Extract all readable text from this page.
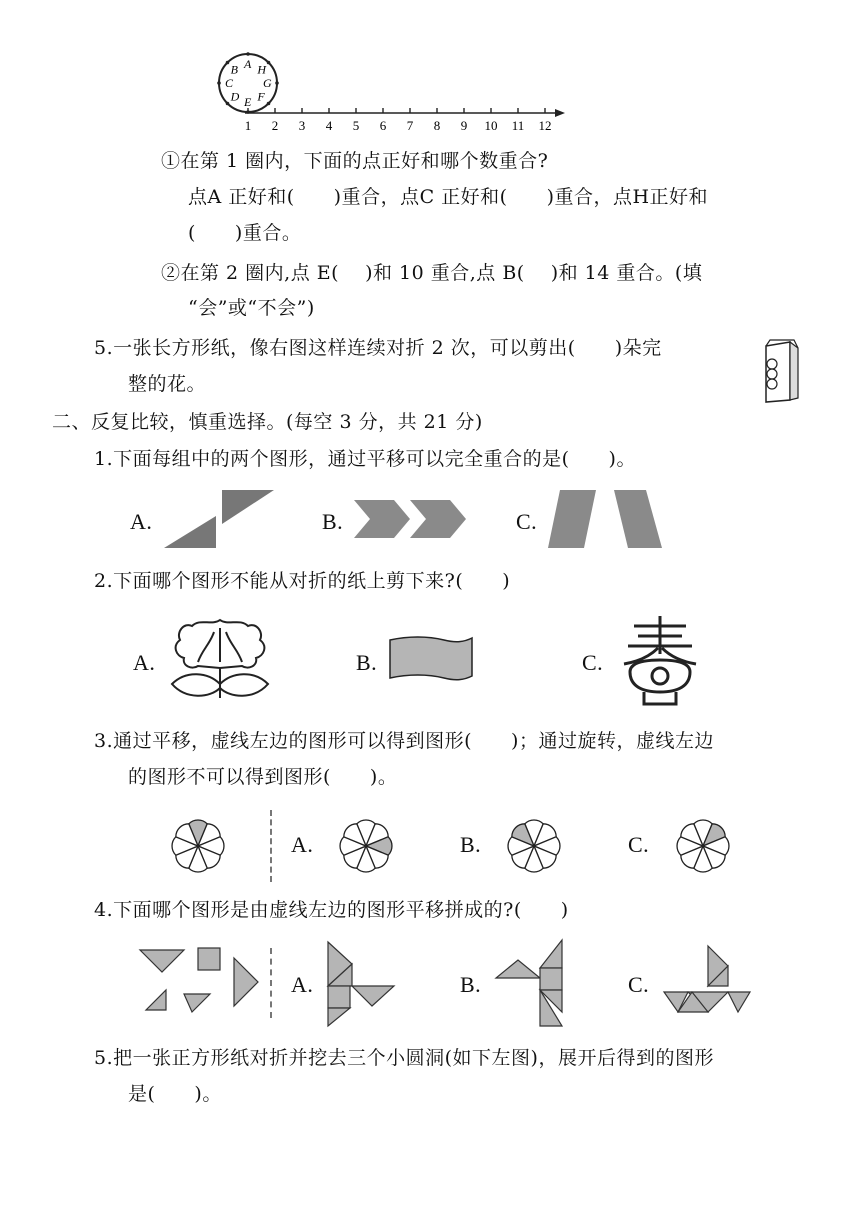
A H
G
F
E
D
C
B
1 2 3 4 5 6 7 8 9 10 11 12
①在第 1 圈内，下面的点正好和哪个数重合?
点A 正好和(　　)重合，点C 正好和(　　)重合，点H正好和
(　　)重合。
②在第 2 圈内,点 E(　 )和 10 重合,点 B(　 )和 14 重合。(填
“会”或“不会”)
5.一张长方形纸，像右图这样连续对折 2 次，可以剪出(　　)朵完
整的花。
二、反复比较，慎重选择。(每空 3 分，共 21 分)
1.下面每组中的两个图形，通过平移可以完全重合的是(　　)。
A.	B.	C.
2.下面哪个图形不能从对折的纸上剪下来?(　　)
A.	B.	C.
3.通过平移，虚线左边的图形可以得到图形(　　)；通过旋转，虚线左边
的图形不可以得到图形(　　)。
A.	B.	C.
4.下面哪个图形是由虚线左边的图形平移拼成的?(　　)
A.	B.	C.
5.把一张正方形纸对折并挖去三个小圆洞(如下左图)，展开后得到的图形
是(　　)。
